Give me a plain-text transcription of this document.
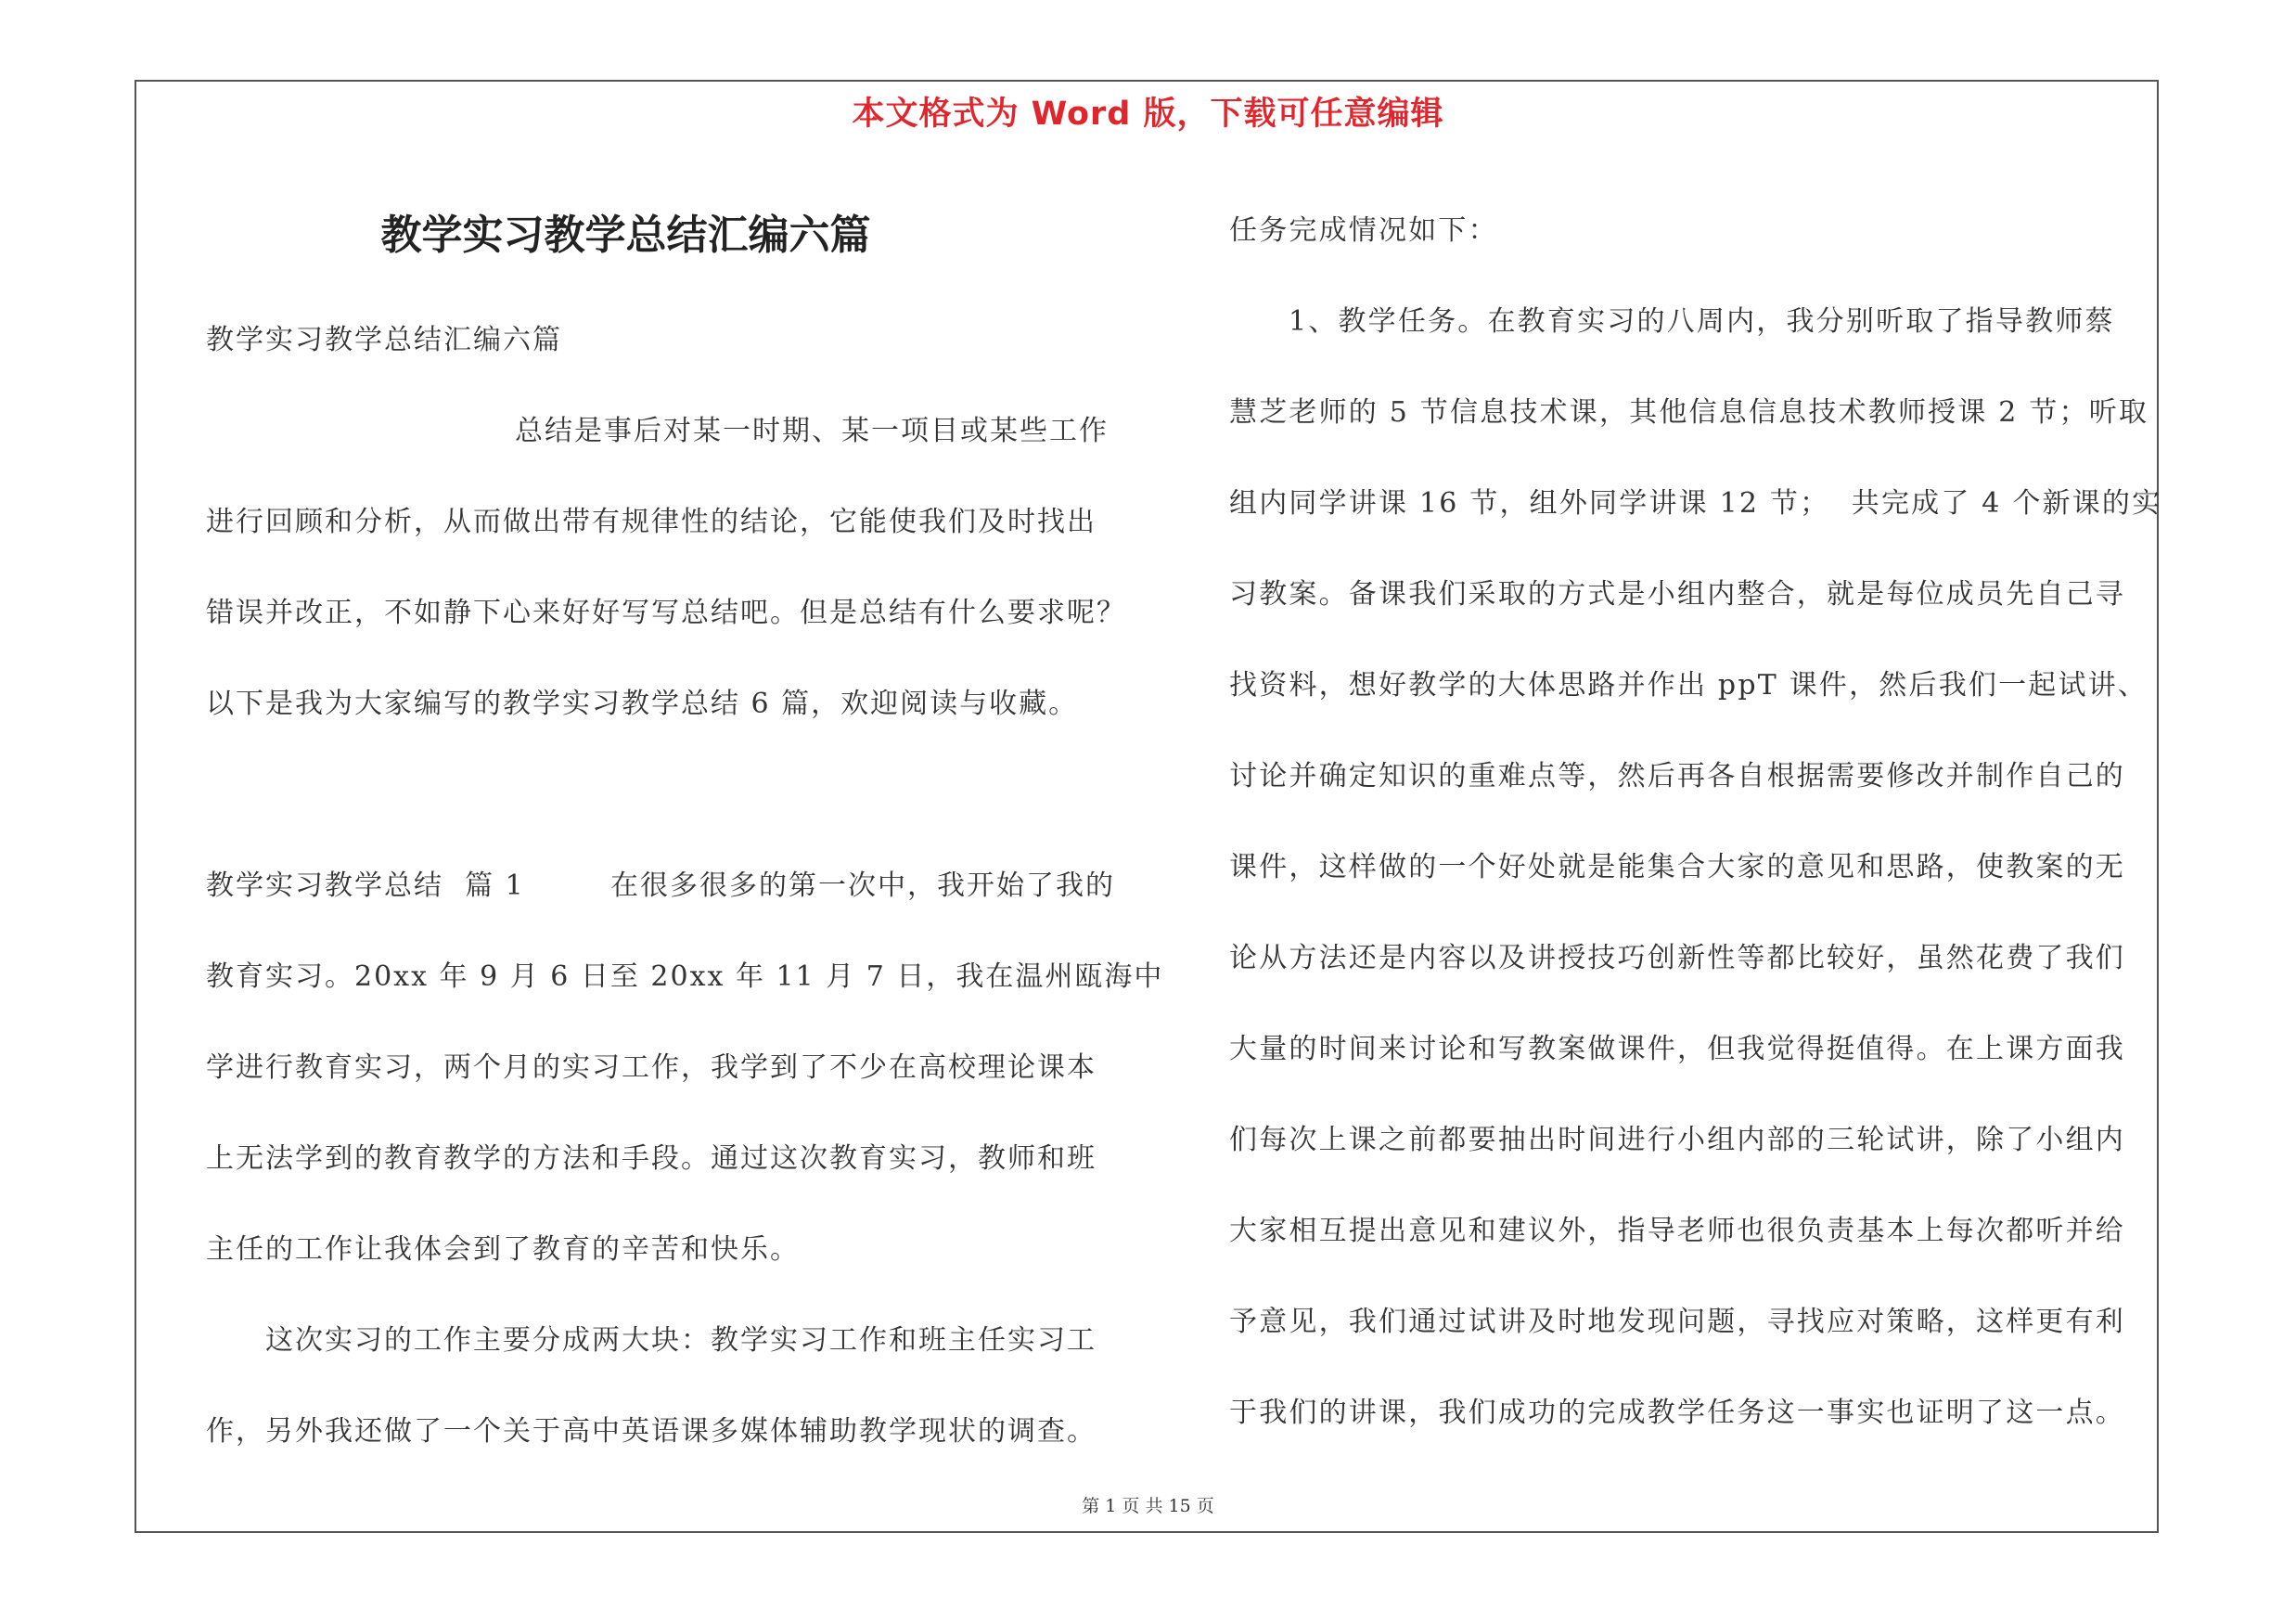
本文格式为 Word 版，下载可任意编辑
教学实习教学总结汇编六篇
教学实习教学总结汇编六篇
总结是事后对某一时期、某一项目或某些工作
进行回顾和分析，从而做出带有规律性的结论，它能使我们及时找出
错误并改正，不如静下心来好好写写总结吧。但是总结有什么要求呢？
以下是我为大家编写的教学实习教学总结 6 篇，欢迎阅读与收藏。
教学实习教学总结  篇 1        在很多很多的第一次中，我开始了我的
教育实习。20xx 年 9 月 6 日至 20xx 年 11 月 7 日，我在温州瓯海中
学进行教育实习，两个月的实习工作，我学到了不少在高校理论课本
上无法学到的教育教学的方法和手段。通过这次教育实习，教师和班
主任的工作让我体会到了教育的辛苦和快乐。
这次实习的工作主要分成两大块：教学实习工作和班主任实习工
作，另外我还做了一个关于高中英语课多媒体辅助教学现状的调查。
任务完成情况如下：
1、教学任务。在教育实习的八周内，我分别听取了指导教师蔡
慧芝老师的 5 节信息技术课，其他信息信息技术教师授课 2 节；听取
组内同学讲课 16 节，组外同学讲课 12 节；  共完成了 4 个新课的实
习教案。备课我们采取的方式是小组内整合，就是每位成员先自己寻
找资料，想好教学的大体思路并作出 ppT 课件，然后我们一起试讲、
讨论并确定知识的重难点等，然后再各自根据需要修改并制作自己的
课件，这样做的一个好处就是能集合大家的意见和思路，使教案的无
论从方法还是内容以及讲授技巧创新性等都比较好，虽然花费了我们
大量的时间来讨论和写教案做课件，但我觉得挺值得。在上课方面我
们每次上课之前都要抽出时间进行小组内部的三轮试讲，除了小组内
大家相互提出意见和建议外，指导老师也很负责基本上每次都听并给
予意见，我们通过试讲及时地发现问题，寻找应对策略，这样更有利
于我们的讲课，我们成功的完成教学任务这一事实也证明了这一点。
第 1 页 共 15 页
